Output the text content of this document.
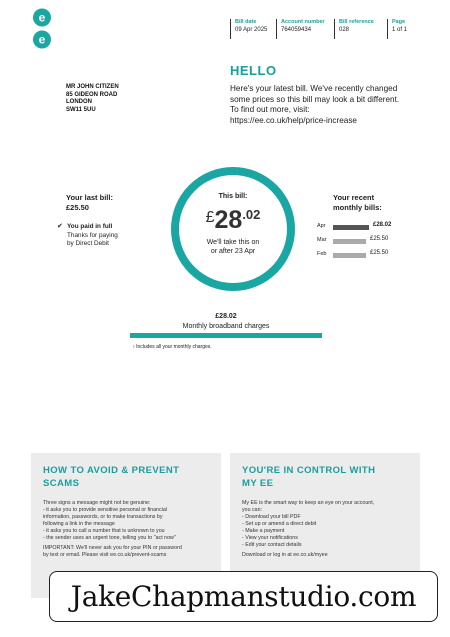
e
e
Bill date
09 Apr 2025
Account number
764059434
Bill reference
028
Page
1 of 1
MR JOHN CITIZEN
85 GIDEON ROAD
LONDON
SW11 5UU
HELLO
Here's your latest bill. We've recently changed
some prices so this bill may look a bit different.
To find out more, visit:
https://ee.co.uk/help/price-increase
Your last bill:
£25.50
✔ You paid in full
Thanks for paying
by Direct Debit
This bill:
$£28^{.02}$
We'll take this on
or after 23 Apr
Your recent
monthly bills:
Apr	£28.02
Mar	£25.50
Feb	£25.50
£28.02
Monthly broadband charges
› Includes all your monthly charges.
HOW TO AVOID & PREVENT
SCAMS

Three signs a message might not be genuine:
- it asks you to provide sensitive personal or financial
information, passwords, or to make transactions by
following a link in the message
- it asks you to call a number that is unknown to you
- the sender uses an urgent tone, telling you to "act now"

IMPORTANT: We'll never ask you for your PIN or password
by text or email. Please visit ee.co.uk/prevent-scams

YOU'RE IN CONTROL WITH
MY EE

My EE is the smart way to keep an eye on your account,
you can:
- Download your bill PDF
- Set up or amend a direct debit
- Make a payment
- View your notifications
- Edit your contact details

Download or log in at ee.co.uk/myee

JakeChapmanstudio.com
